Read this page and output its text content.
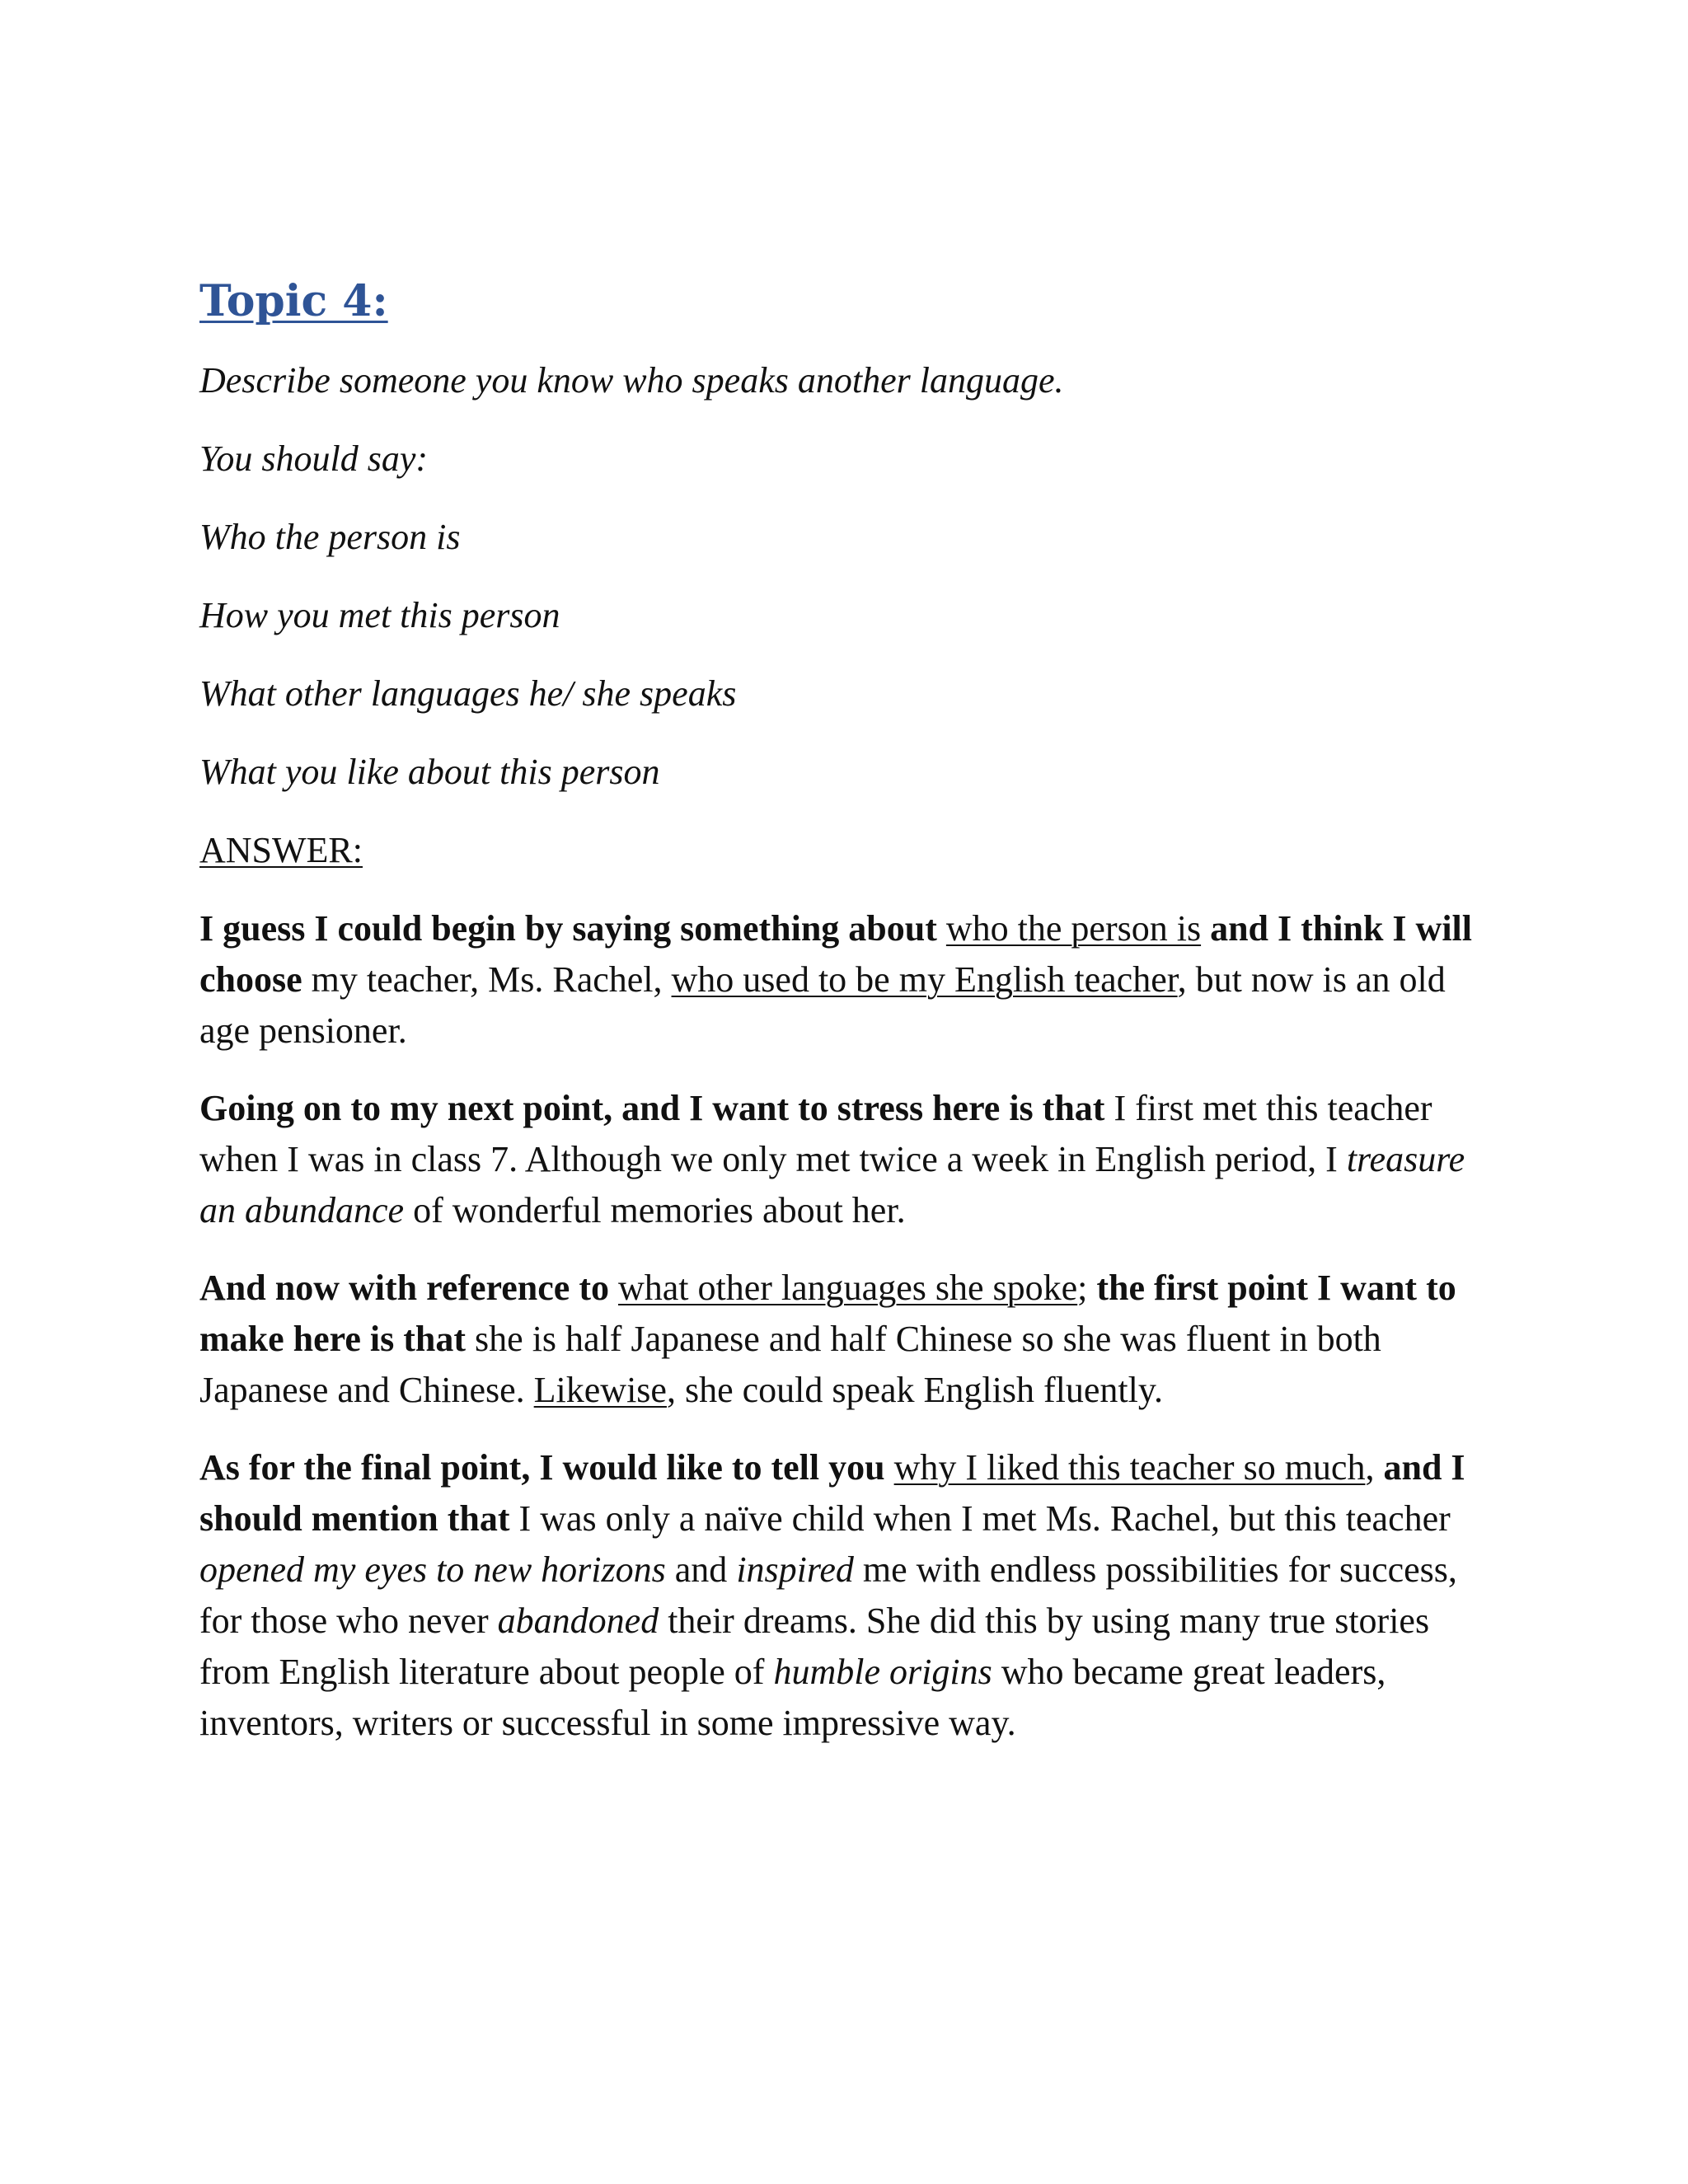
Topic 4:
Describe someone you know who speaks another language.
You should say:
Who the person is
How you met this person
What other languages he/ she speaks
What you like about this person
ANSWER:

I guess I could begin by saying something about who the person is and I think I will choose my teacher, Ms. Rachel, who used to be my English teacher, but now is an old age pensioner.

Going on to my next point, and I want to stress here is that I first met this teacher when I was in class 7. Although we only met twice a week in English period, I treasure an abundance of wonderful memories about her.

And now with reference to what other languages she spoke; the first point I want to make here is that she is half Japanese and half Chinese so she was fluent in both Japanese and Chinese. Likewise, she could speak English fluently.

As for the final point, I would like to tell you why I liked this teacher so much, and I should mention that I was only a naïve child when I met Ms. Rachel, but this teacher opened my eyes to new horizons and inspired me with endless possibilities for success, for those who never abandoned their dreams. She did this by using many true stories from English literature about people of humble origins who became great leaders, inventors, writers or successful in some impressive way.
